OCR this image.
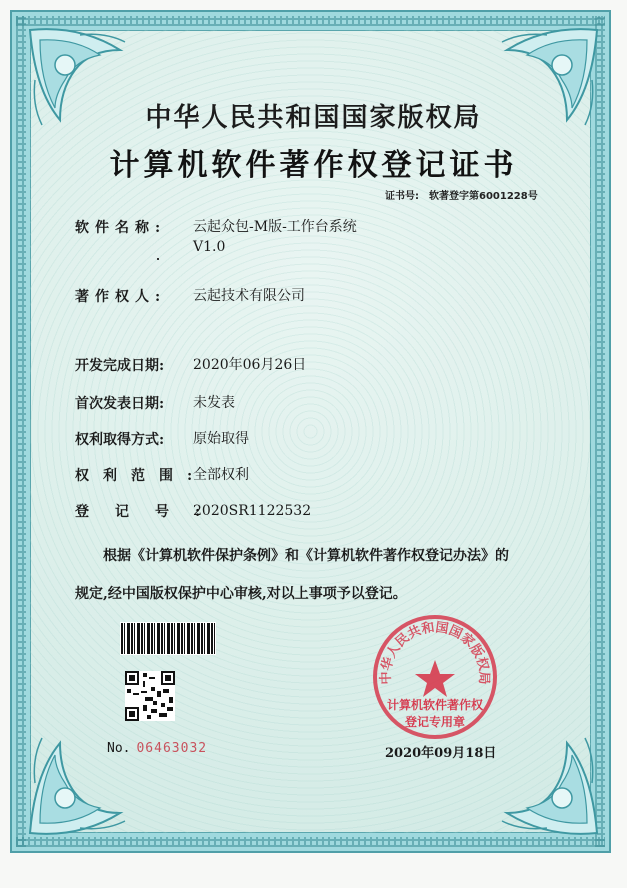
中华人民共和国国家版权局
计算机软件著作权登记证书
证书号: 软著登字第6001228号
软件名称: 云起众包-M版-工作台系统
V1.0
著作权人: 云起技术有限公司
开发完成日期: 2020年06月26日
首次发表日期: 未发表
权利取得方式: 原始取得
权利范围:全部权利
登记号:2020SR1122532
根据《计算机软件保护条例》和《计算机软件著作权登记办法》的
规定,经中国版权保护中心审核,对以上事项予以登记。
No. 06463032
中华人民共和国国家版权局
计算机软件著作权
登记专用章
2020年09月18日
